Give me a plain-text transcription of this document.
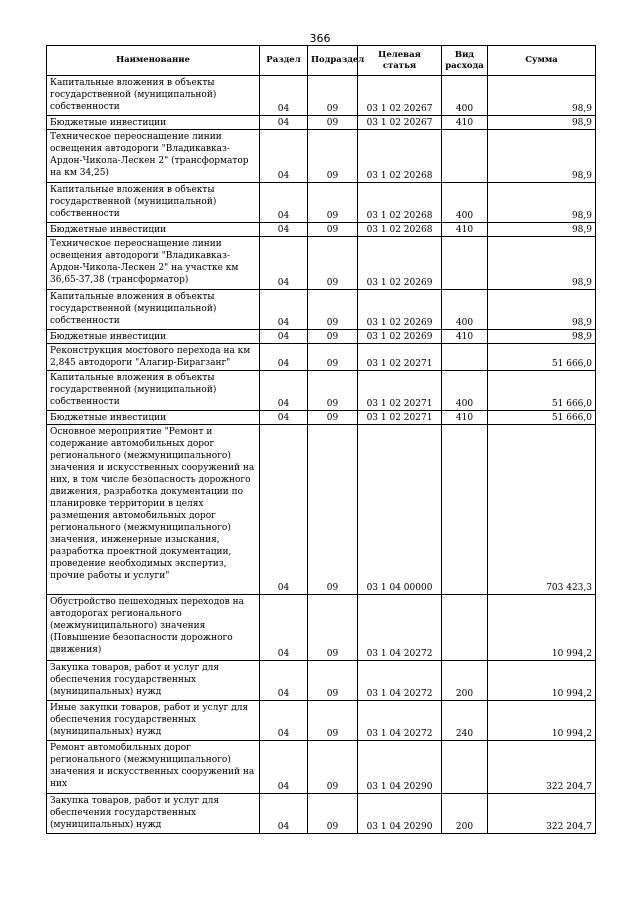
366
Наименование	Раздел	Подраздел	Целевая статья	Вид расхода	Сумма
Капитальные вложения в объекты государственной (муниципальной) собственности	04	09	03 1 02 20267	400	98,9
Бюджетные инвестиции	04	09	03 1 02 20267	410	98,9
Техническое переоснащение линии освещения автодороги "Владикавказ-Ардон-Чикола-Лескен 2" (трансформатор на км 34,25)	04	09	03 1 02 20268		98,9
Капитальные вложения в объекты государственной (муниципальной) собственности	04	09	03 1 02 20268	400	98,9
Бюджетные инвестиции	04	09	03 1 02 20268	410	98,9
Техническое переоснащение линии освещения автодороги "Владикавказ-Ардон-Чикола-Лескен 2" на участке км 36,65-37,38 (трансформатор)	04	09	03 1 02 20269		98,9
Капитальные вложения в объекты государственной (муниципальной) собственности	04	09	03 1 02 20269	400	98,9
Бюджетные инвестиции	04	09	03 1 02 20269	410	98,9
Реконструкция мостового перехода на км 2,845 автодороги "Алагир-Бирагзанг"	04	09	03 1 02 20271		51 666,0
Капитальные вложения в объекты государственной (муниципальной) собственности	04	09	03 1 02 20271	400	51 666,0
Бюджетные инвестиции	04	09	03 1 02 20271	410	51 666,0
Основное мероприятие "Ремонт и содержание автомобильных дорог регионального (межмуниципального) значения и искусственных сооружений на них, в том числе безопасность дорожного движения, разработка документации по планировке территории в целях размещения автомобильных дорог регионального (межмуниципального) значения, инженерные изыскания, разработка проектной документации, проведение необходимых экспертиз, прочие работы и услуги"	04	09	03 1 04 00000		703 423,3
Обустройство пешеходных переходов на автодорогах регионального (межмуниципального) значения (Повышение безопасности дорожного движения)	04	09	03 1 04 20272		10 994,2
Закупка товаров, работ и услуг для обеспечения государственных (муниципальных) нужд	04	09	03 1 04 20272	200	10 994,2
Иные закупки товаров, работ и услуг для обеспечения государственных (муниципальных) нужд	04	09	03 1 04 20272	240	10 994,2
Ремонт автомобильных дорог регионального (межмуниципального) значения и искусственных сооружений на них	04	09	03 1 04 20290		322 204,7
Закупка товаров, работ и услуг для обеспечения государственных (муниципальных) нужд	04	09	03 1 04 20290	200	322 204,7
